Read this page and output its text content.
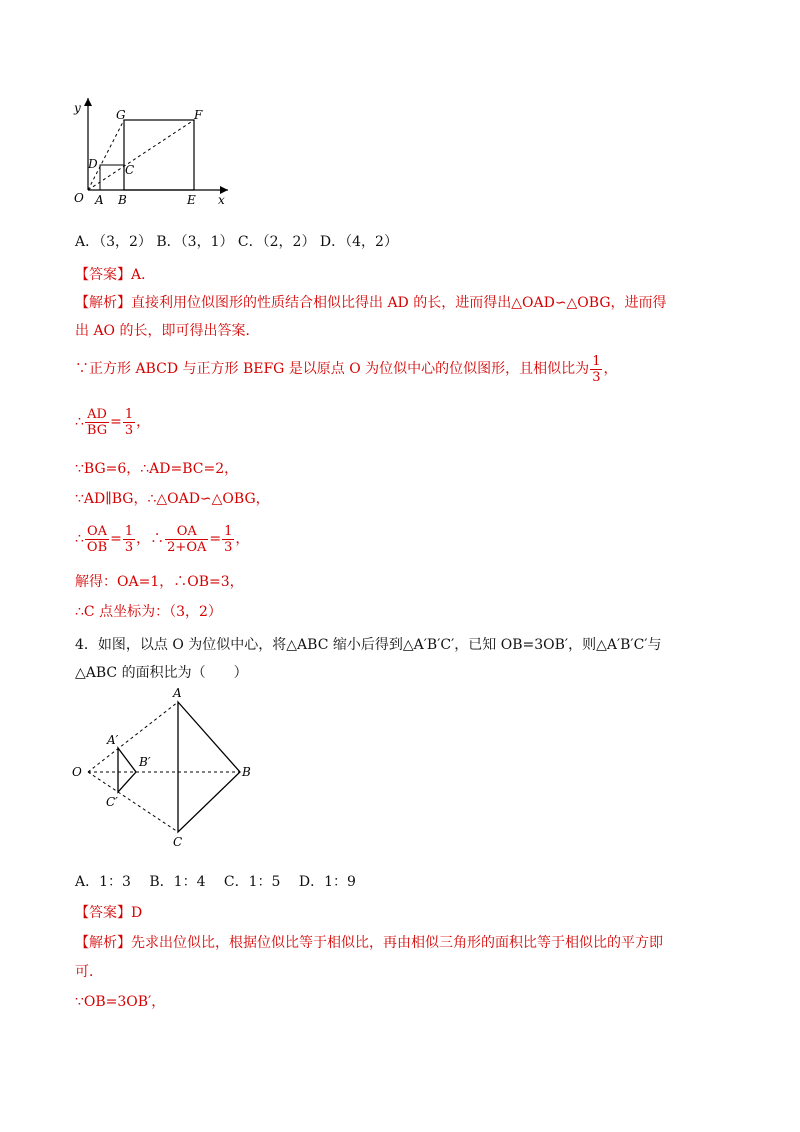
y
x
O A B	E
G	F
D C
A．（3，2） B．（3，1） C．（2，2） D．（4，2）
【答案】A．
【解析】直接利用位似图形的性质结合相似比得出 AD 的长，进而得出△OAD∽△OBG，进而得
出 AO 的长，即可得出答案．
∵正方形 ABCD 与正方形 BEFG 是以原点 O 为位似中心的位似图形，且相似比为 $\frac{1}{3}$ ，
∴ $\frac{AD}{BG} = \frac{1}{3}$ ，
∵BG=6，∴AD=BC=2，
∵AD∥BG，∴△OAD∽△OBG，
∴ $\frac{OA}{OB} = \frac{1}{3}$ ，∴ $\frac{OA}{2+OA} = \frac{1}{3}$ ，
解得：OA=1，∴OB=3，
∴C 点坐标为：（3，2）
4．如图，以点 O 为位似中心，将△ABC 缩小后得到△A′B′C′，已知 OB=3OB′，则△A′B′C′与
△ABC 的面积比为（　　）
O
A
B
C
A′
B′
C′
A．1：3　 B．1：4　 C．1：5　 D．1：9
【答案】D
【解析】先求出位似比，根据位似比等于相似比，再由相似三角形的面积比等于相似比的平方即
可．
∵OB=3OB′，
